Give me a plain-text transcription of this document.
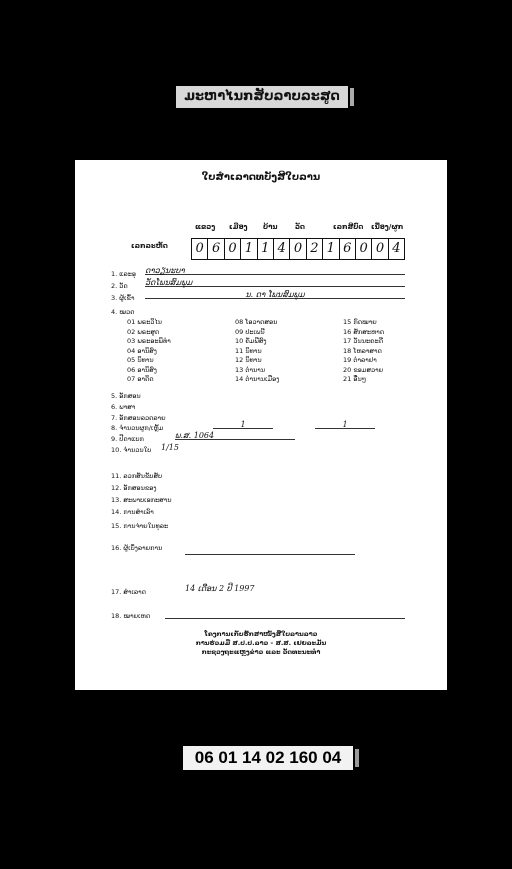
ມະຫາໄນກສັບລາບລະສູດ
ໃບສຳເລາດທບັງສີໃບລານ
ເລກລະຫັດ
ແຂວງ ເມືອງ ບ້ານ	ວັດ	ເລກສີບົດ ເນື້ອງ/ຜູກ
0 6 0 1 1 4 0 2 1 6 0 0 4
1. ແລະອຸ ດາວຽນະບາ
2. ວັດ ວັດໂພນສົມພູມ
3. ຜູ້ເຂົ້າ	ນ. ດາ ໂພນສົມພູມ
4. ໝວດ
01 ພຣະວິໄນ
02 ພຣະສູດ
03 ພຣະອະພິທຳ
04 ອານິສົງ
05 ນິທານ
06 ອານິສົງ
07 ອາດິດ
08 ໂອວາດສອນ
09 ປະເພນີ
10 ຄັມພີສົງ
11 ນິທານ
12 ນິທານ
13 ຕຳນານ
14 ຕຳນານເມືອງ
15 ກົດໝາຍ
16 ສັກສະຫາດ
17 ວັນນະຄະດີ
18 ໂຫລາສາດ
19 ຕຳລາຢາ
20 ຂອມສວາຍ
21 ອື່ນໆ
5. ອັກສອນ
6. ພາສາ
7. ອັກສອນລວດລາຍ
8. ຈຳນວນຜູກ/ເຫຼັ້ມ	1	1
9. ປີດາແບກ	ພ.ສ. 1064
10. ຈຳນວນໃບ 1/15
11. ລວກສັນຂັບສັບ
12. ອັກສອນຂອງ
13. ສະພາບເອກະສານ
14. ການສຳເລົາ
15. ການຈ່າຍໃນທຸລະ
16. ຜູ້ເບິ່ງລາຍການ
17. ສຳເລາດ	14 ເດືອນ 2 ປີ 1997
18. ໝາຍເຫດ
ໂຄງການເກັບຮັກສາໜັງສືໃບລານລາວ
ການຮ່ວມມື ສ.ປ.ປ.ລາວ - ສ.ສ. ເຢຍລະມັນ
ກະຊວງຖະແຫຼງຂ່າວ ແລະ ວັດທະນະທຳ
06 01 14 02 160 04
